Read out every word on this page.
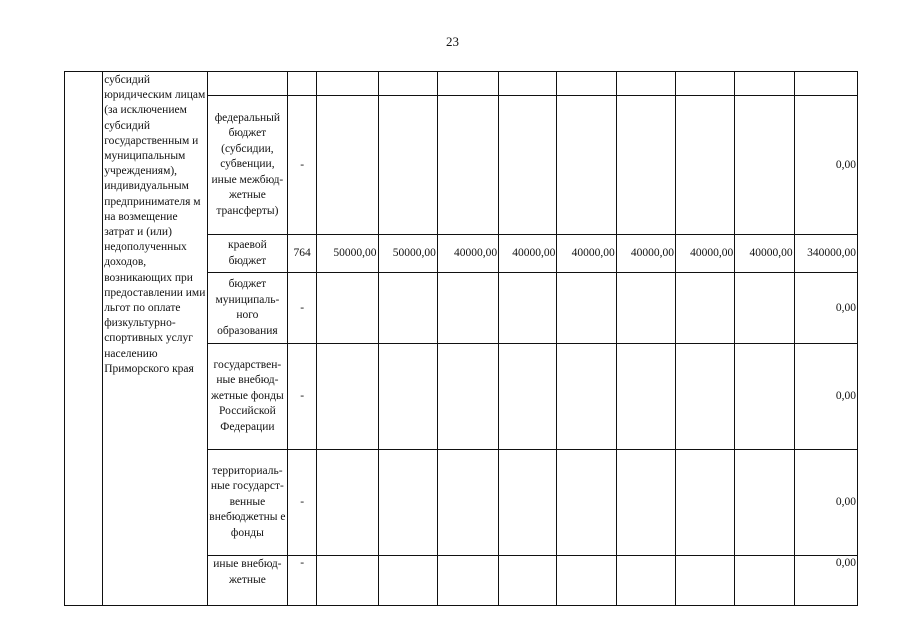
23
	субсидий юридическим лицам (за исключением субсидий государственным и муниципальным учреждениям), индивидуальным предпринимателя м на возмещение затрат и (или) недополученных доходов, возникающих при предоставлении ими льгот по оплате физкультурно-спортивных услуг населению Приморского края											
		федеральный бюджет (субсидии, субвенции, иные межбюд-жетные трансферты)	-									0,00
		краевой бюджет	764	50000,00	50000,00	40000,00	40000,00	40000,00	40000,00	40000,00	40000,00	340000,00
		бюджет муниципаль-ного образования	-									0,00
		государствен-ные внебюд-жетные фонды Российской Федерации	-									0,00
		территориаль-ные государст-венные внебюджетны е фонды	-									0,00
		иные внебюд-жетные	-									0,00
